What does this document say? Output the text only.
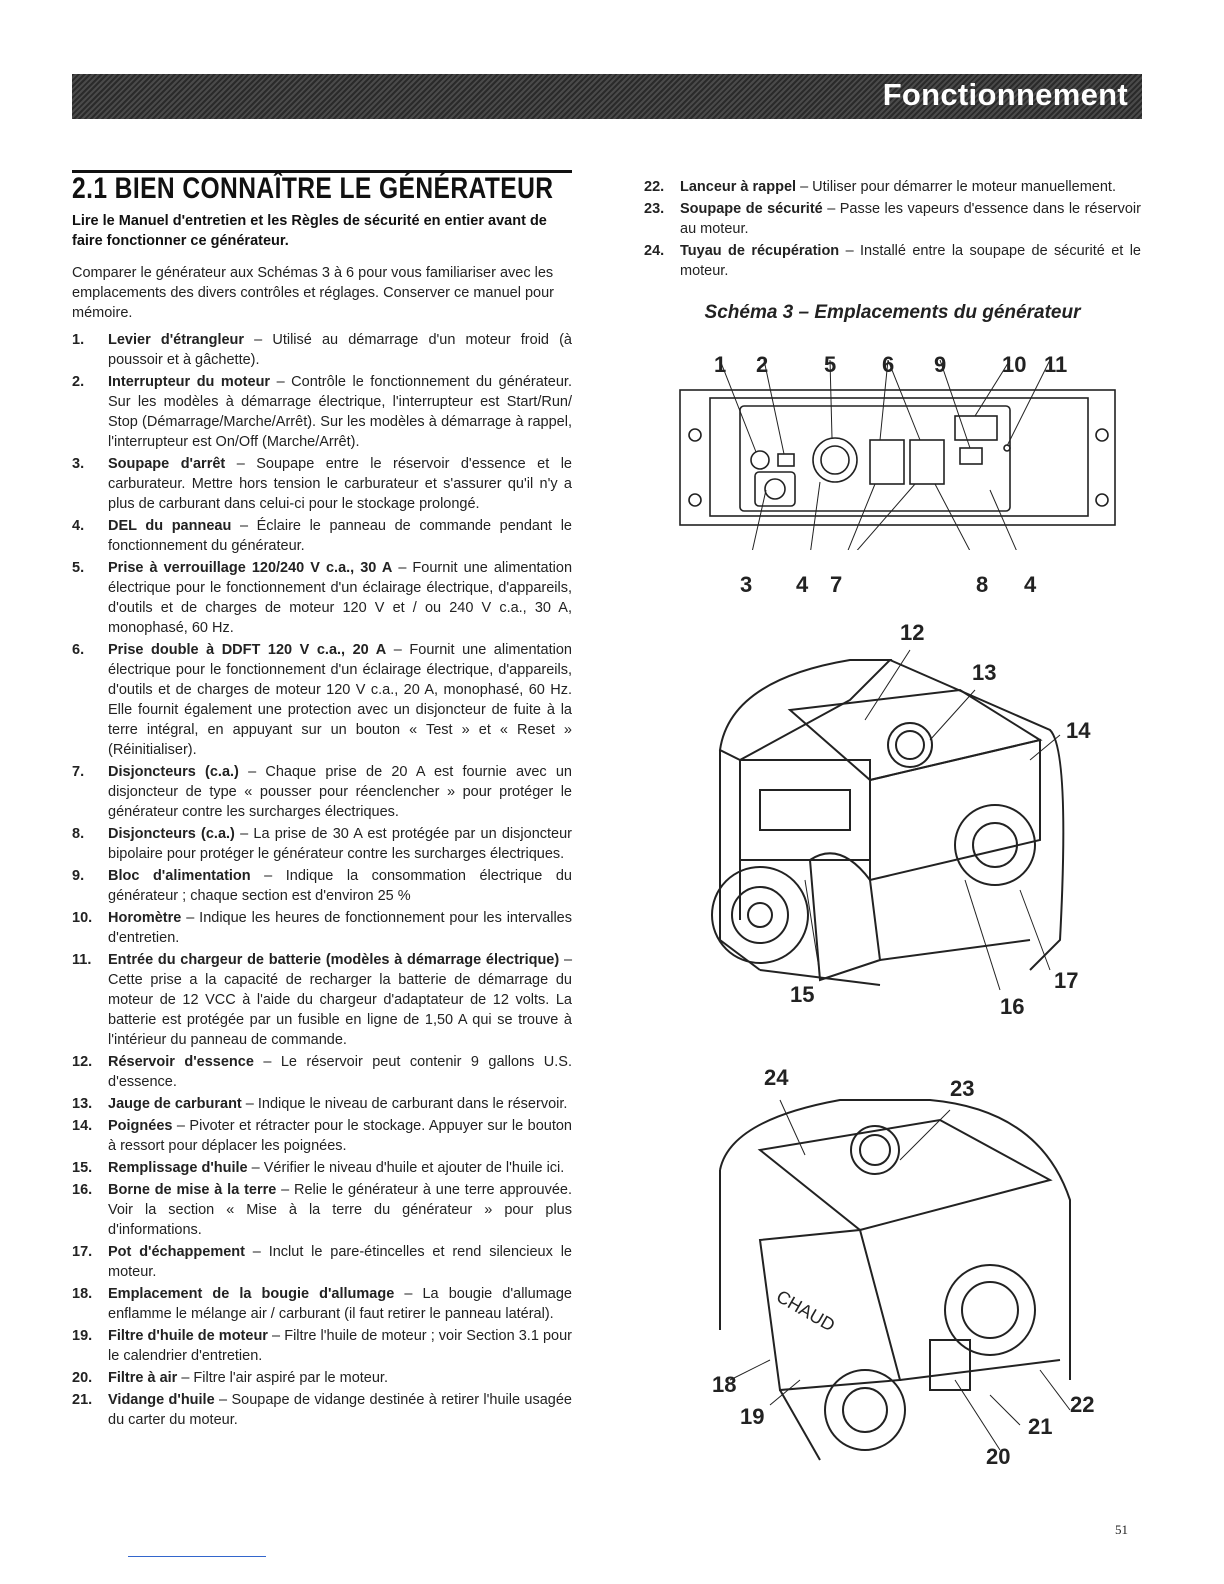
Fonctionnement
2.1 BIEN CONNAÎTRE LE GÉNÉRATEUR
Lire le Manuel d'entretien et les Règles de sécurité en entier avant de faire fonctionner ce générateur.
Comparer le générateur aux Schémas 3 à 6 pour vous familiariser avec les emplacements des divers contrôles et réglages. Conserver ce manuel pour mémoire.
1.	Levier d'étrangleur – Utilisé au démarrage d'un moteur froid (à poussoir et à gâchette).
2.	Interrupteur du moteur – Contrôle le fonctionnement du générateur. Sur les modèles à démarrage électrique, l'interrupteur est Start/Run/ Stop (Démarrage/Marche/Arrêt). Sur les modèles à démarrage à rappel, l'interrupteur est On/Off (Marche/Arrêt).
3.	Soupape d'arrêt – Soupape entre le réservoir d'essence et le carburateur. Mettre hors tension le carburateur et s'assurer qu'il n'y a plus de carburant dans celui-ci pour le stockage prolongé.
4.	DEL du panneau – Éclaire le panneau de commande pendant le fonctionnement du générateur.
5.	Prise à verrouillage 120/240 V c.a., 30 A – Fournit une alimentation électrique pour le fonctionnement d'un éclairage électrique, d'appareils, d'outils et de charges de moteur 120 V et / ou 240 V c.a., 30 A, monophasé, 60 Hz.
6.	Prise double à DDFT 120 V c.a., 20 A – Fournit une alimentation électrique pour le fonctionnement d'un éclairage électrique, d'appareils, d'outils et de charges de moteur 120 V c.a., 20 A, monophasé, 60 Hz. Elle fournit également une protection avec un disjoncteur de fuite à la terre intégral, en appuyant sur un bouton « Test » et « Reset » (Réinitialiser).
7.	Disjoncteurs (c.a.) – Chaque prise de 20 A est fournie avec un disjoncteur de type « pousser pour réenclencher » pour protéger le générateur contre les surcharges électriques.
8.	Disjoncteurs (c.a.) – La prise de 30 A est protégée par un disjoncteur bipolaire pour protéger le générateur contre les surcharges électriques.
9.	Bloc d'alimentation – Indique la consommation électrique du générateur ; chaque section est d'environ 25 %
10.	Horomètre – Indique les heures de fonctionnement pour les intervalles d'entretien.
11.	Entrée du chargeur de batterie (modèles à démarrage électrique) – Cette prise a la capacité de recharger la batterie de démarrage du moteur de 12 VCC à l'aide du chargeur d'adaptateur de 12 volts. La batterie est protégée par un fusible en ligne de 1,50 A qui se trouve à l'intérieur du panneau de commande.
12.	Réservoir d'essence – Le réservoir peut contenir 9 gallons U.S. d'essence.
13.	Jauge de carburant – Indique le niveau de carburant dans le réservoir.
14.	Poignées – Pivoter et rétracter pour le stockage. Appuyer sur le bouton à ressort pour déplacer les poignées.
15.	Remplissage d'huile – Vérifier le niveau d'huile et ajouter de l'huile ici.
16.	Borne de mise à la terre – Relie le générateur à une terre approuvée. Voir la section « Mise à la terre du générateur » pour plus d'informations.
17.	Pot d'échappement – Inclut le pare-étincelles et rend silencieux le moteur.
18.	Emplacement de la bougie d'allumage – La bougie d'allumage enflamme le mélange air / carburant (il faut retirer le panneau latéral).
19.	Filtre d'huile de moteur – Filtre l'huile de moteur ; voir Section 3.1 pour le calendrier d'entretien.
20.	Filtre à air – Filtre l'air aspiré par le moteur.
21.	Vidange d'huile – Soupape de vidange destinée à retirer l'huile usagée du carter du moteur.
22.	Lanceur à rappel – Utiliser pour démarrer le moteur manuellement.
23.	Soupape de sécurité – Passe les vapeurs d'essence dans le réservoir au moteur.
24.	Tuyau de récupération – Installé entre la soupape de sécurité et le moteur.
Schéma 3 – Emplacements du générateur
1 2	5 6 9	10 11
3 4 7	8 4
12
13
14
15	16
17
CHAUD
24	23
18
19
20
21
22
51
